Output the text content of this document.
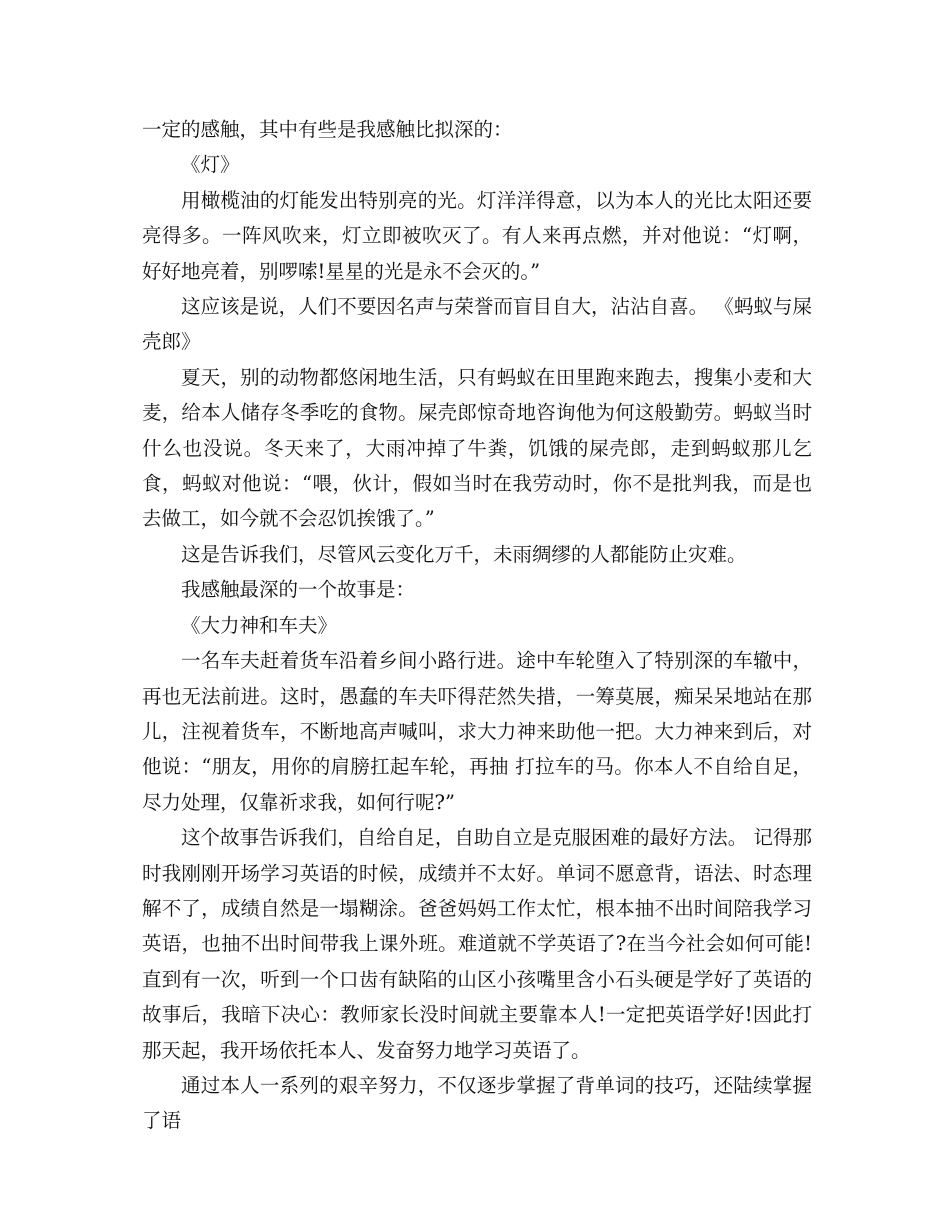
一定的感触，其中有些是我感触比拟深的：

《灯》

用橄榄油的灯能发出特别亮的光。灯洋洋得意，以为本人的光比太阳还要亮得多。一阵风吹来，灯立即被吹灭了。有人来再点燃，并对他说：“灯啊，好好地亮着，别啰嗦!星星的光是永不会灭的。”

这应该是说，人们不要因名声与荣誉而盲目自大，沾沾自喜。 《蚂蚁与屎壳郎》

夏天，别的动物都悠闲地生活，只有蚂蚁在田里跑来跑去，搜集小麦和大麦，给本人储存冬季吃的食物。屎壳郎惊奇地咨询他为何这般勤劳。蚂蚁当时什么也没说。冬天来了，大雨冲掉了牛粪，饥饿的屎壳郎，走到蚂蚁那儿乞食，蚂蚁对他说：“喂，伙计，假如当时在我劳动时，你不是批判我，而是也去做工，如今就不会忍饥挨饿了。”

这是告诉我们，尽管风云变化万千，未雨绸缪的人都能防止灾难。

我感触最深的一个故事是：

《大力神和车夫》

一名车夫赶着货车沿着乡间小路行进。途中车轮堕入了特别深的车辙中，再也无法前进。这时，愚蠢的车夫吓得茫然失措，一筹莫展，痴呆呆地站在那儿，注视着货车，不断地高声喊叫，求大力神来助他一把。大力神来到后，对他说：“朋友，用你的肩膀扛起车轮，再抽 打拉车的马。你本人不自给自足，尽力处理，仅靠祈求我，如何行呢?”

这个故事告诉我们，自给自足，自助自立是克服困难的最好方法。 记得那时我刚刚开场学习英语的时候，成绩并不太好。单词不愿意背，语法、时态理解不了，成绩自然是一塌糊涂。爸爸妈妈工作太忙，根本抽不出时间陪我学习英语，也抽不出时间带我上课外班。难道就不学英语了?在当今社会如何可能!直到有一次，听到一个口齿有缺陷的山区小孩嘴里含小石头硬是学好了英语的故事后，我暗下决心：教师家长没时间就主要靠本人!一定把英语学好!因此打那天起，我开场依托本人、发奋努力地学习英语了。

通过本人一系列的艰辛努力，不仅逐步掌握了背单词的技巧，还陆续掌握了语
